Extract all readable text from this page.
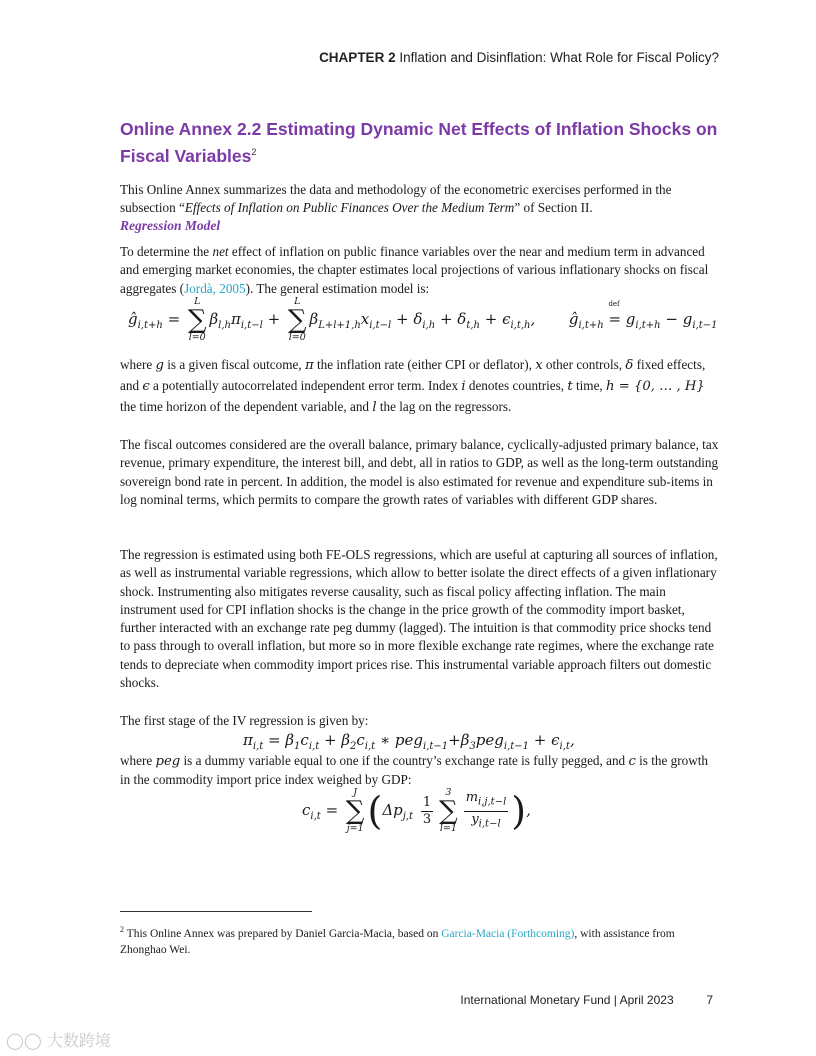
CHAPTER 2 Inflation and Disinflation: What Role for Fiscal Policy?
Online Annex 2.2 Estimating Dynamic Net Effects of Inflation Shocks on Fiscal Variables$^2$

This Online Annex summarizes the data and methodology of the econometric exercises performed in the subsection “Effects of Inflation on Public Finances Over the Medium Term” of Section II.

Regression Model

To determine the net effect of inflation on public finance variables over the near and medium term in advanced and emerging market economies, the chapter estimates local projections of various inflationary shocks on fiscal aggregates (Jordà, 2005). The general estimation model is:

$ĝ_{i,t+h}$ =
L
∑
l=0
$\beta_{l,h}\pi_{i,t-l}$ +
L
∑
l=0
$\beta_{L+l+1,h}x_{i,t-l} + \delta_{i,h} + \delta_{t,h} + \epsilon_{i,t,h}$,  $ĝ_{i,t+h}$ =
def
$g_{i,t+h} - g_{i,t-1}$

where g is a given fiscal outcome, π the inflation rate (either CPI or deflator), x other controls, δ fixed effects, and ϵ a potentially autocorrelated independent error term. Index i denotes countries, t time, h = {0, … , H} the time horizon of the dependent variable, and l the lag on the regressors.

The fiscal outcomes considered are the overall balance, primary balance, cyclically-adjusted primary balance, tax revenue, primary expenditure, the interest bill, and debt, all in ratios to GDP, as well as the long-term outstanding sovereign bond rate in percent. In addition, the model is also estimated for revenue and expenditure sub-items in log nominal terms, which permits to compare the growth rates of variables with different GDP shares.

The regression is estimated using both FE-OLS regressions, which are useful at capturing all sources of inflation, as well as instrumental variable regressions, which allow to better isolate the direct effects of a given inflationary shock. Instrumenting also mitigates reverse causality, such as fiscal policy affecting inflation. The main instrument used for CPI inflation shocks is the change in the price growth of the commodity import basket, further interacted with an exchange rate peg dummy (lagged). The intuition is that commodity price shocks tend to pass through to overall inflation, but more so in more flexible exchange rate regimes, where the exchange rate tends to depreciate when commodity import prices rise. This instrumental variable approach filters out domestic shocks.

The first stage of the IV regression is given by:

$\pi_{i,t} = \beta_1c_{i,t} + \beta_2c_{i,t}$ ∗ $peg_{i,t-1}+\beta_3peg_{i,t-1} + \epsilon_{i,t}$,

where peg is a dummy variable equal to one if the country’s exchange rate is fully pegged, and c is the growth in the commodity import price index weighed by GDP:

$c_{i,t}$ =
J
∑
j=1 ($\Delta p_{j,t} \frac{1}{3}$
3
∑
$l=1 \frac{m_{i,j,t-l}}{y_{i,t-l}}$ ),
$^2$ This Online Annex was prepared by Daniel Garcia-Macia, based on Garcia-Macia (Forthcoming), with assistance from Zhonghao Wei.
International Monetary Fund | April 2023	7
◯◯ 大数跨境
